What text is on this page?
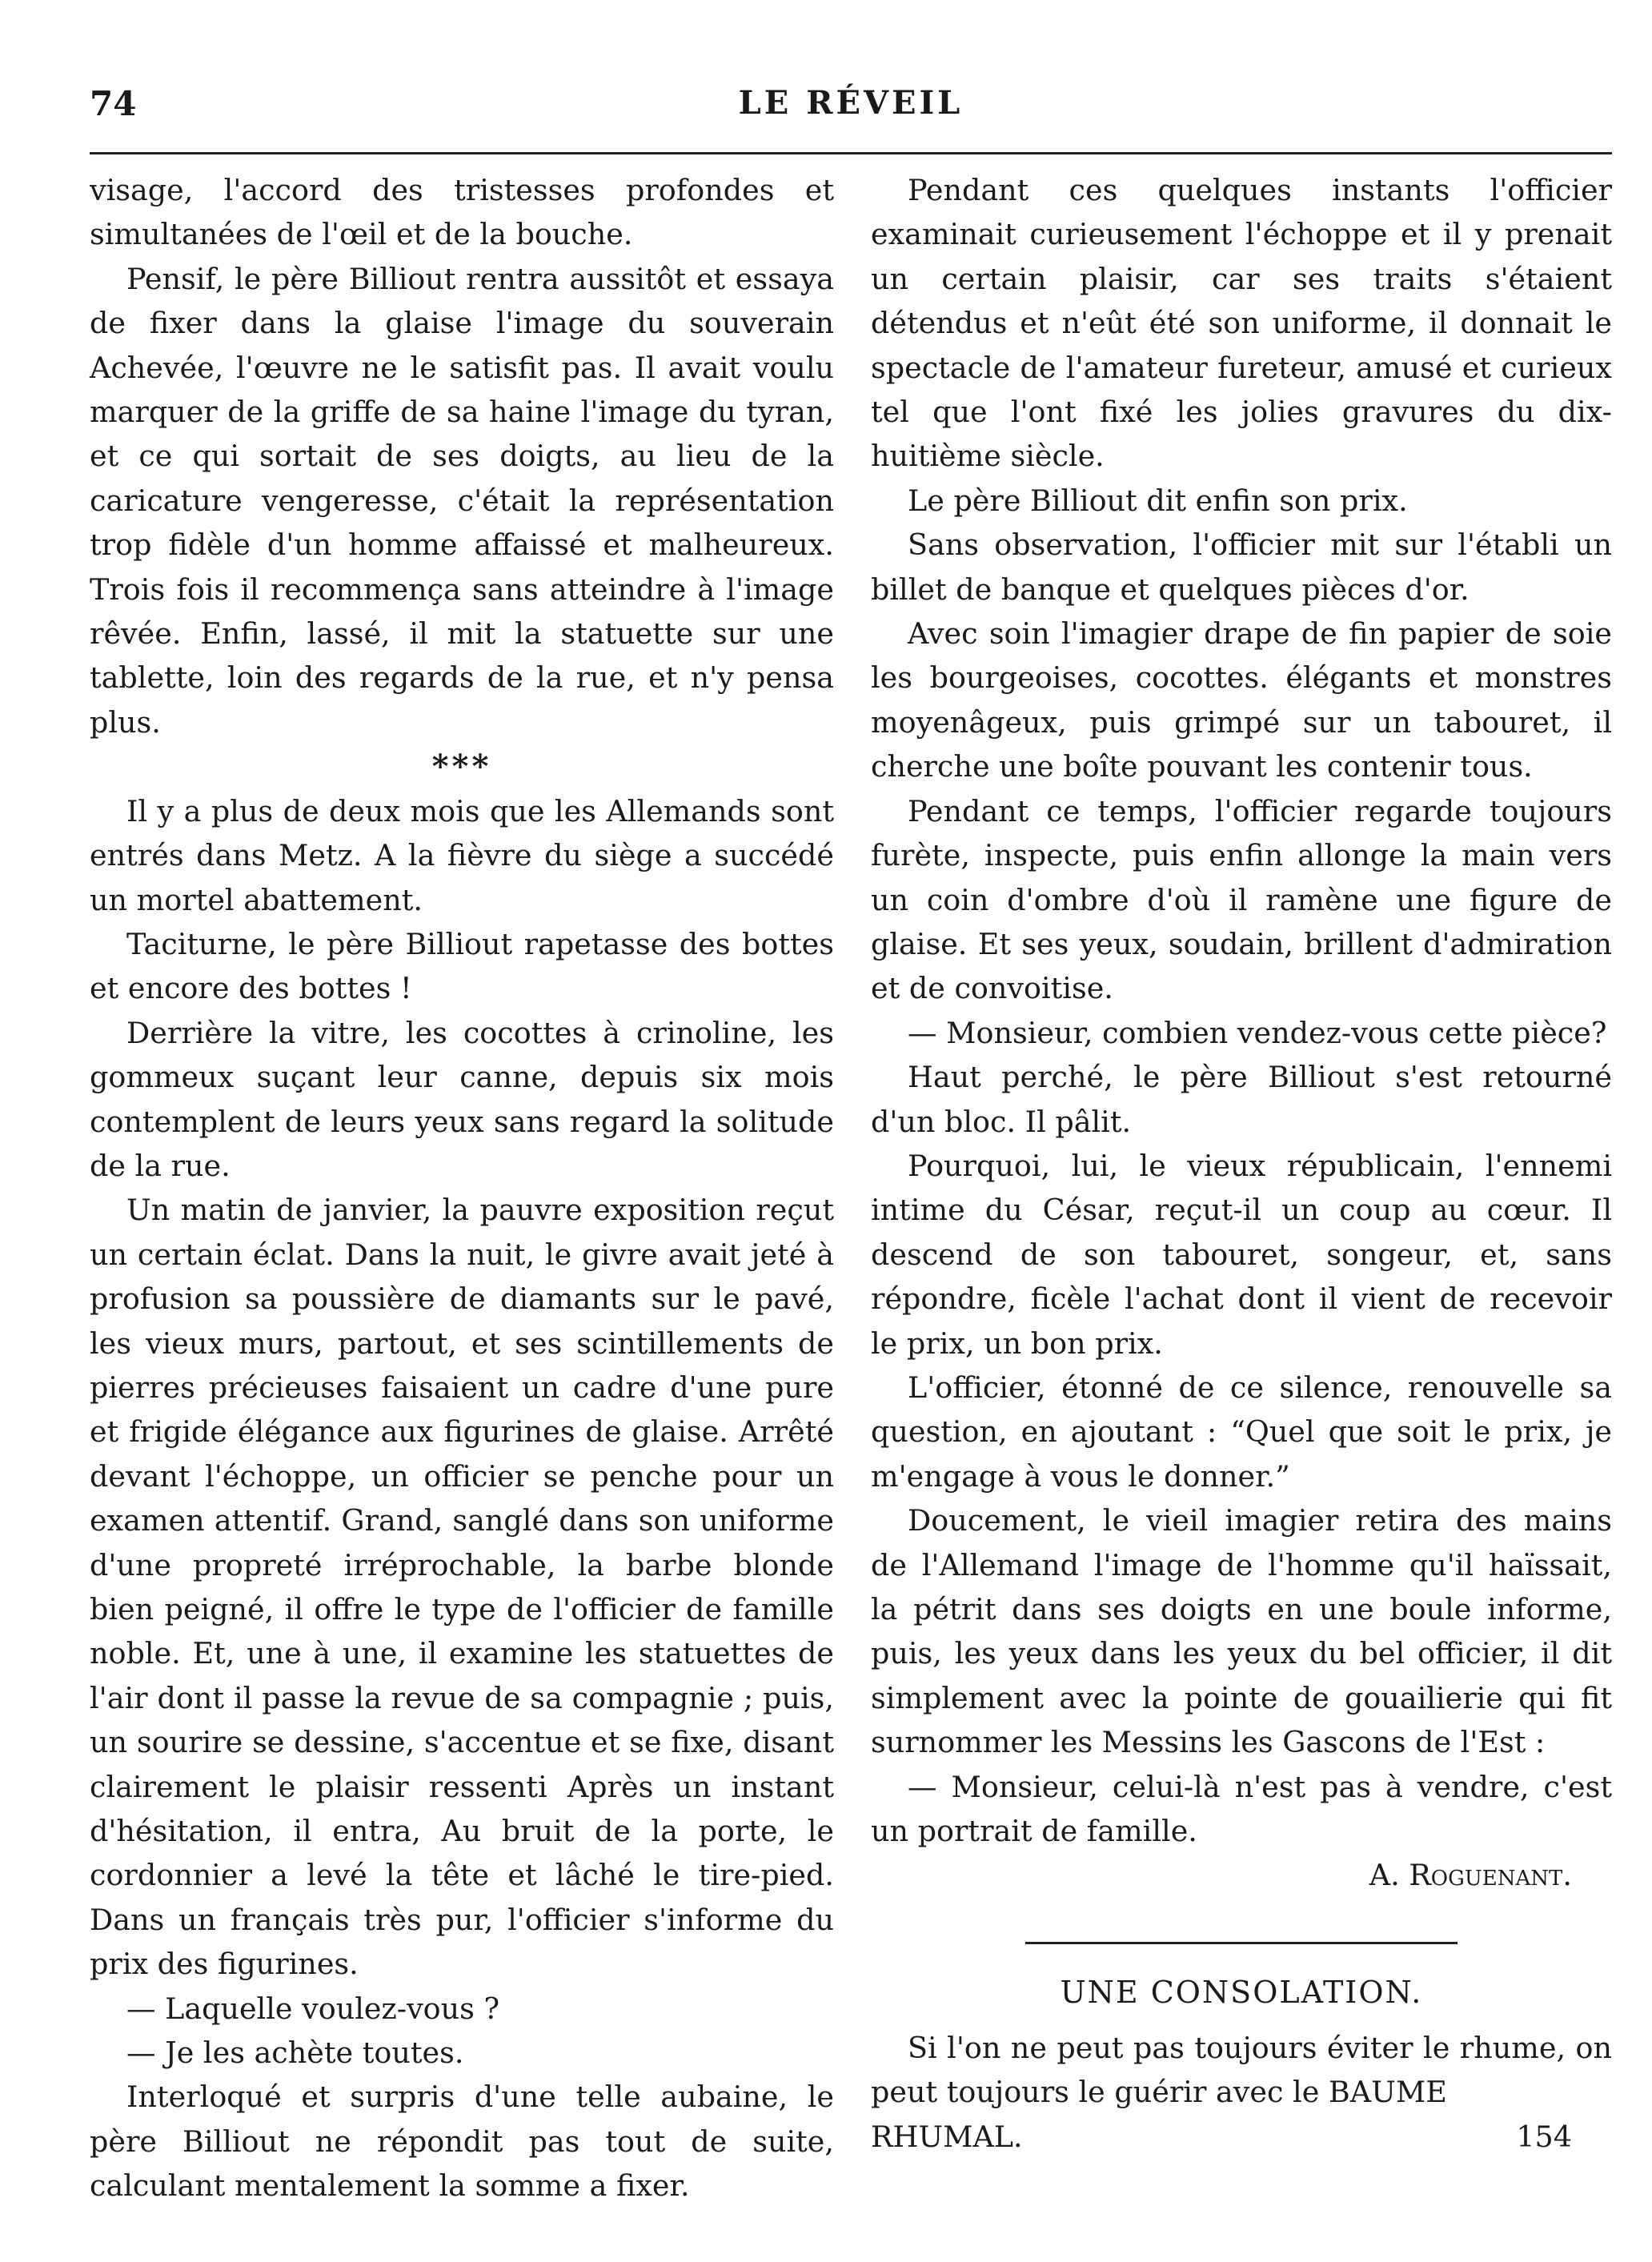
74	LE RÉVEIL

visage, l'accord des tristesses profondes et simultanées de l'œil et de la bouche.

Pensif, le père Billiout rentra aussitôt et essaya de fixer dans la glaise l'image du souverain Achevée, l'œuvre ne le satisfit pas. Il avait voulu marquer de la griffe de sa haine l'image du tyran, et ce qui sortait de ses doigts, au lieu de la caricature vengeresse, c'était la représentation trop fidèle d'un homme affaissé et malheureux. Trois fois il recommença sans atteindre à l'image rêvée. Enfin, lassé, il mit la statuette sur une tablette, loin des regards de la rue, et n'y pensa plus.

***

Il y a plus de deux mois que les Allemands sont entrés dans Metz. A la fièvre du siège a succédé un mortel abattement.

Taciturne, le père Billiout rapetasse des bottes et encore des bottes !

Derrière la vitre, les cocottes à crinoline, les gommeux suçant leur canne, depuis six mois contemplent de leurs yeux sans regard la solitude de la rue.

Un matin de janvier, la pauvre exposition reçut un certain éclat. Dans la nuit, le givre avait jeté à profusion sa poussière de diamants sur le pavé, les vieux murs, partout, et ses scintillements de pierres précieuses faisaient un cadre d'une pure et frigide élégance aux figurines de glaise. Arrêté devant l'échoppe, un officier se penche pour un examen attentif. Grand, sanglé dans son uniforme d'une propreté irréprochable, la barbe blonde bien peigné, il offre le type de l'officier de famille noble. Et, une à une, il examine les statuettes de l'air dont il passe la revue de sa compagnie ; puis, un sourire se dessine, s'accentue et se fixe, disant clairement le plaisir ressenti Après un instant d'hésitation, il entra, Au bruit de la porte, le cordonnier a levé la tête et lâché le tire-pied. Dans un français très pur, l'officier s'informe du prix des figurines.

— Laquelle voulez-vous ?

— Je les achète toutes.

Interloqué et surpris d'une telle aubaine, le père Billiout ne répondit pas tout de suite, calculant mentalement la somme a fixer.

Pendant ces quelques instants l'officier examinait curieusement l'échoppe et il y prenait un certain plaisir, car ses traits s'étaient détendus et n'eût été son uniforme, il donnait le spectacle de l'amateur fureteur, amusé et curieux tel que l'ont fixé les jolies gravures du dix-huitième siècle.

Le père Billiout dit enfin son prix.

Sans observation, l'officier mit sur l'établi un billet de banque et quelques pièces d'or.

Avec soin l'imagier drape de fin papier de soie les bourgeoises, cocottes. élégants et monstres moyenâgeux, puis grimpé sur un tabouret, il cherche une boîte pouvant les contenir tous.

Pendant ce temps, l'officier regarde toujours furète, inspecte, puis enfin allonge la main vers un coin d'ombre d'où il ramène une figure de glaise. Et ses yeux, soudain, brillent d'admiration et de convoitise.

— Monsieur, combien vendez-vous cette pièce?

Haut perché, le père Billiout s'est retourné d'un bloc. Il pâlit.

Pourquoi, lui, le vieux républicain, l'ennemi intime du César, reçut-il un coup au cœur. Il descend de son tabouret, songeur, et, sans répondre, ficèle l'achat dont il vient de recevoir le prix, un bon prix.

L'officier, étonné de ce silence, renouvelle sa question, en ajoutant : “Quel que soit le prix, je m'engage à vous le donner.”

Doucement, le vieil imagier retira des mains de l'Allemand l'image de l'homme qu'il haïssait, la pétrit dans ses doigts en une boule informe, puis, les yeux dans les yeux du bel officier, il dit simplement avec la pointe de gouailierie qui fit surnommer les Messins les Gascons de l'Est :

— Monsieur, celui-là n'est pas à vendre, c'est un portrait de famille.

A. Roguenant.
UNE CONSOLATION.

Si l'on ne peut pas toujours éviter le rhume, on peut toujours le guérir avec le BAUME

RHUMAL.	154
